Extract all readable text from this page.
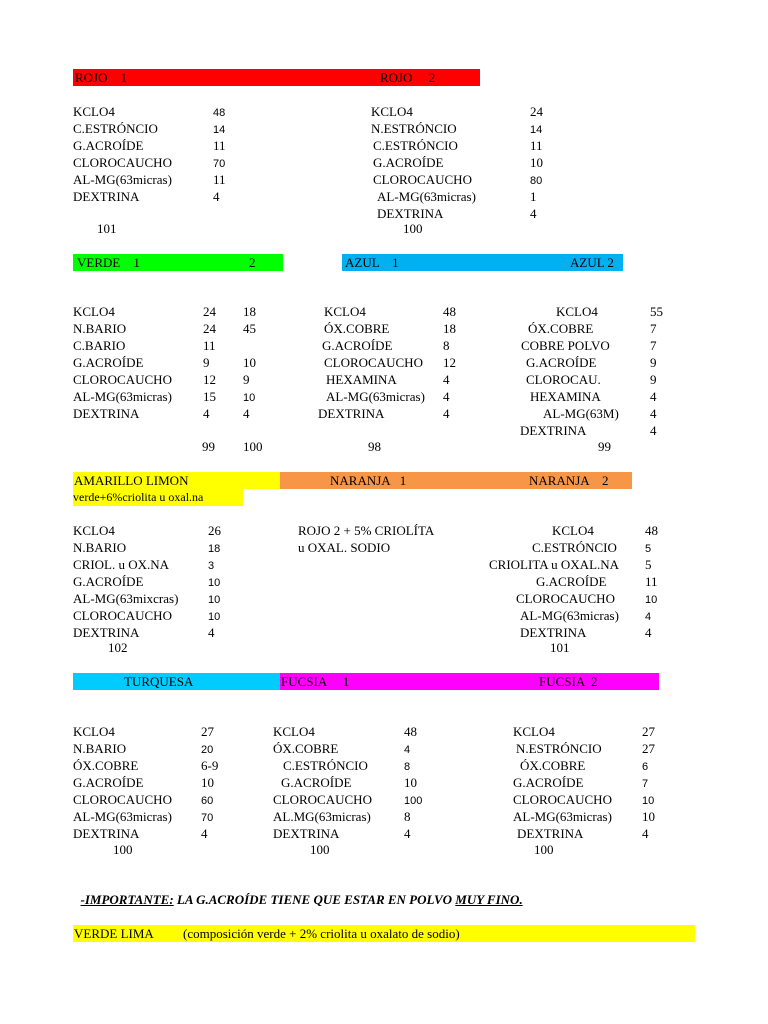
ROJO    1	ROJO     2
VERDE    1	2	AZUL    1	AZUL 2
AMARILLO LIMON
verde+6%criolita u oxal.na
NARANJA   1	NARANJA    2
TURQUESA	FUCSIA     1	FUCSIA  2
VERDE LIMA (composición verde + 2% criolita u oxalato de sodio)
KCLO4	48
C.ESTRÓNCIO	14
G.ACROÍDE	11
CLOROCAUCHO	70
AL-MG(63micras)	11
DEXTRINA	4
101
KCLO4	24
N.ESTRÓNCIO	14
C.ESTRÓNCIO	11
G.ACROÍDE	10
CLOROCAUCHO	80
AL-MG(63micras)	1
DEXTRINA	4
100
KCLO4	24 18
N.BARIO	24 45
C.BARIO	11
G.ACROÍDE	9	10
CLOROCAUCHO 12 9
AL-MG(63micras) 15 10
DEXTRINA	4	4
99 100
KCLO4	48
ÓX.COBRE	18
G.ACROÍDE	8
CLOROCAUCHO 12
HEXAMINA	4
AL-MG(63micras) 4
DEXTRINA	4
98
KCLO4	55
ÓX.COBRE	7
COBRE POLVO	7
G.ACROÍDE	9
CLOROCAU.	9
HEXAMINA	4
AL-MG(63M) 4
DEXTRINA	4
99
KCLO4	26
N.BARIO	18
CRIOL. u OX.NA	3
G.ACROÍDE	10
AL-MG(63mixcras)	10
CLOROCAUCHO	10
DEXTRINA	4
102
KCLO4	48
C.ESTRÓNCIO	5
CRIOLITA u OXAL.NA 5
G.ACROÍDE	11
CLOROCAUCHO	10
AL-MG(63micras) 4
DEXTRINA	4
101
KCLO4	27
N.BARIO	20
ÓX.COBRE	6-9
G.ACROÍDE	10
CLOROCAUCHO	60
AL-MG(63micras)	70
DEXTRINA	4
100
KCLO4	48
ÓX.COBRE	4
C.ESTRÓNCIO	8
G.ACROÍDE	10
CLOROCAUCHO	100
AL.MG(63micras)	8
DEXTRINA	4
100
KCLO4	27
N.ESTRÓNCIO	27
ÓX.COBRE	6
G.ACROÍDE	7
CLOROCAUCHO	10
AL-MG(63micras) 10
DEXTRINA	4
100
ROJO 2 + 5% CRIOLÍTA
u OXAL. SODIO

-IMPORTANTE: LA G.ACROÍDE TIENE QUE ESTAR EN POLVO MUY FINO.
